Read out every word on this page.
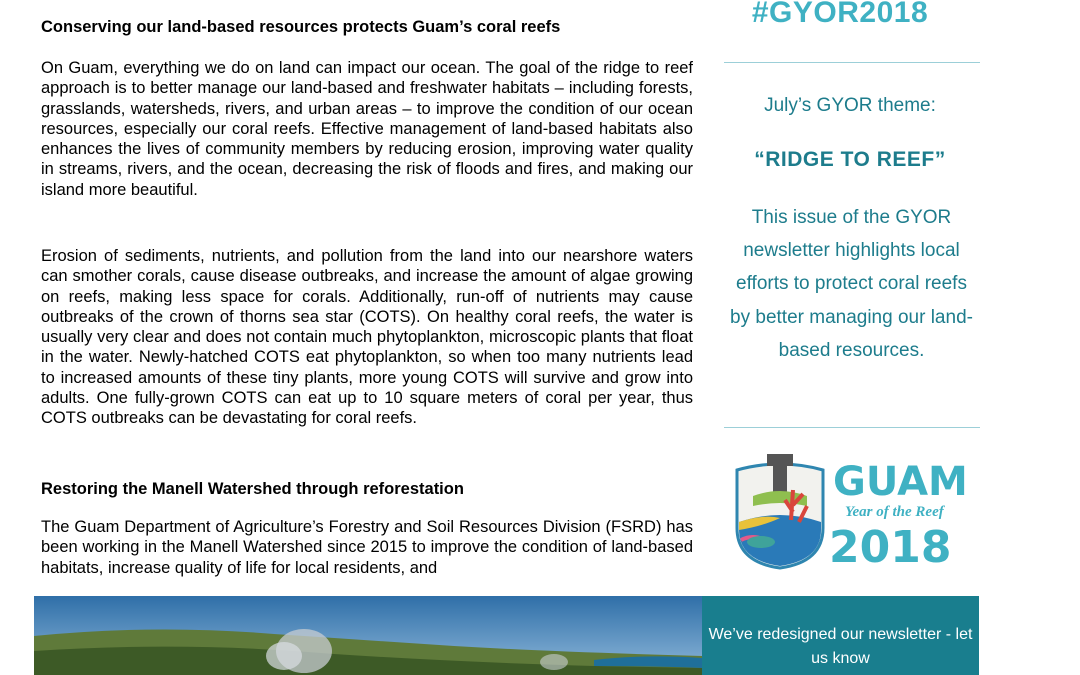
Conserving our land-based resources protects Guam’s coral reefs

On Guam, everything we do on land can impact our ocean. The goal of the ridge to reef approach is to better manage our land-based and freshwater habitats – including forests, grasslands, watersheds, rivers, and urban areas – to improve the condition of our ocean resources, especially our coral reefs. Effective management of land-based habitats also enhances the lives of community members by reducing erosion, improving water quality in streams, rivers, and the ocean, decreasing the risk of floods and fires, and making our island more beautiful.

Erosion of sediments, nutrients, and pollution from the land into our nearshore waters can smother corals, cause disease outbreaks, and increase the amount of algae growing on reefs, making less space for corals. Additionally, run-off of nutrients may cause outbreaks of the crown of thorns sea star (COTS). On healthy coral reefs, the water is usually very clear and does not contain much phytoplankton, microscopic plants that float in the water. Newly-hatched COTS eat phytoplankton, so when too many nutrients lead to increased amounts of these tiny plants, more young COTS will survive and grow into adults. One fully-grown COTS can eat up to 10 square meters of coral per year, thus COTS outbreaks can be devastating for coral reefs.

Restoring the Manell Watershed through reforestation

The Guam Department of Agriculture’s Forestry and Soil Resources Division (FSRD) has been working in the Manell Watershed since 2015 to improve the condition of land-based habitats, increase quality of life for local residents, and

#GYOR2018
July’s GYOR theme:
“RIDGE TO REEF”
This issue of the GYOR newsletter highlights local efforts to protect coral reefs by better managing our land-based resources.
GUAM
Year of the Reef
2018
We’ve redesigned our newsletter - let us know
